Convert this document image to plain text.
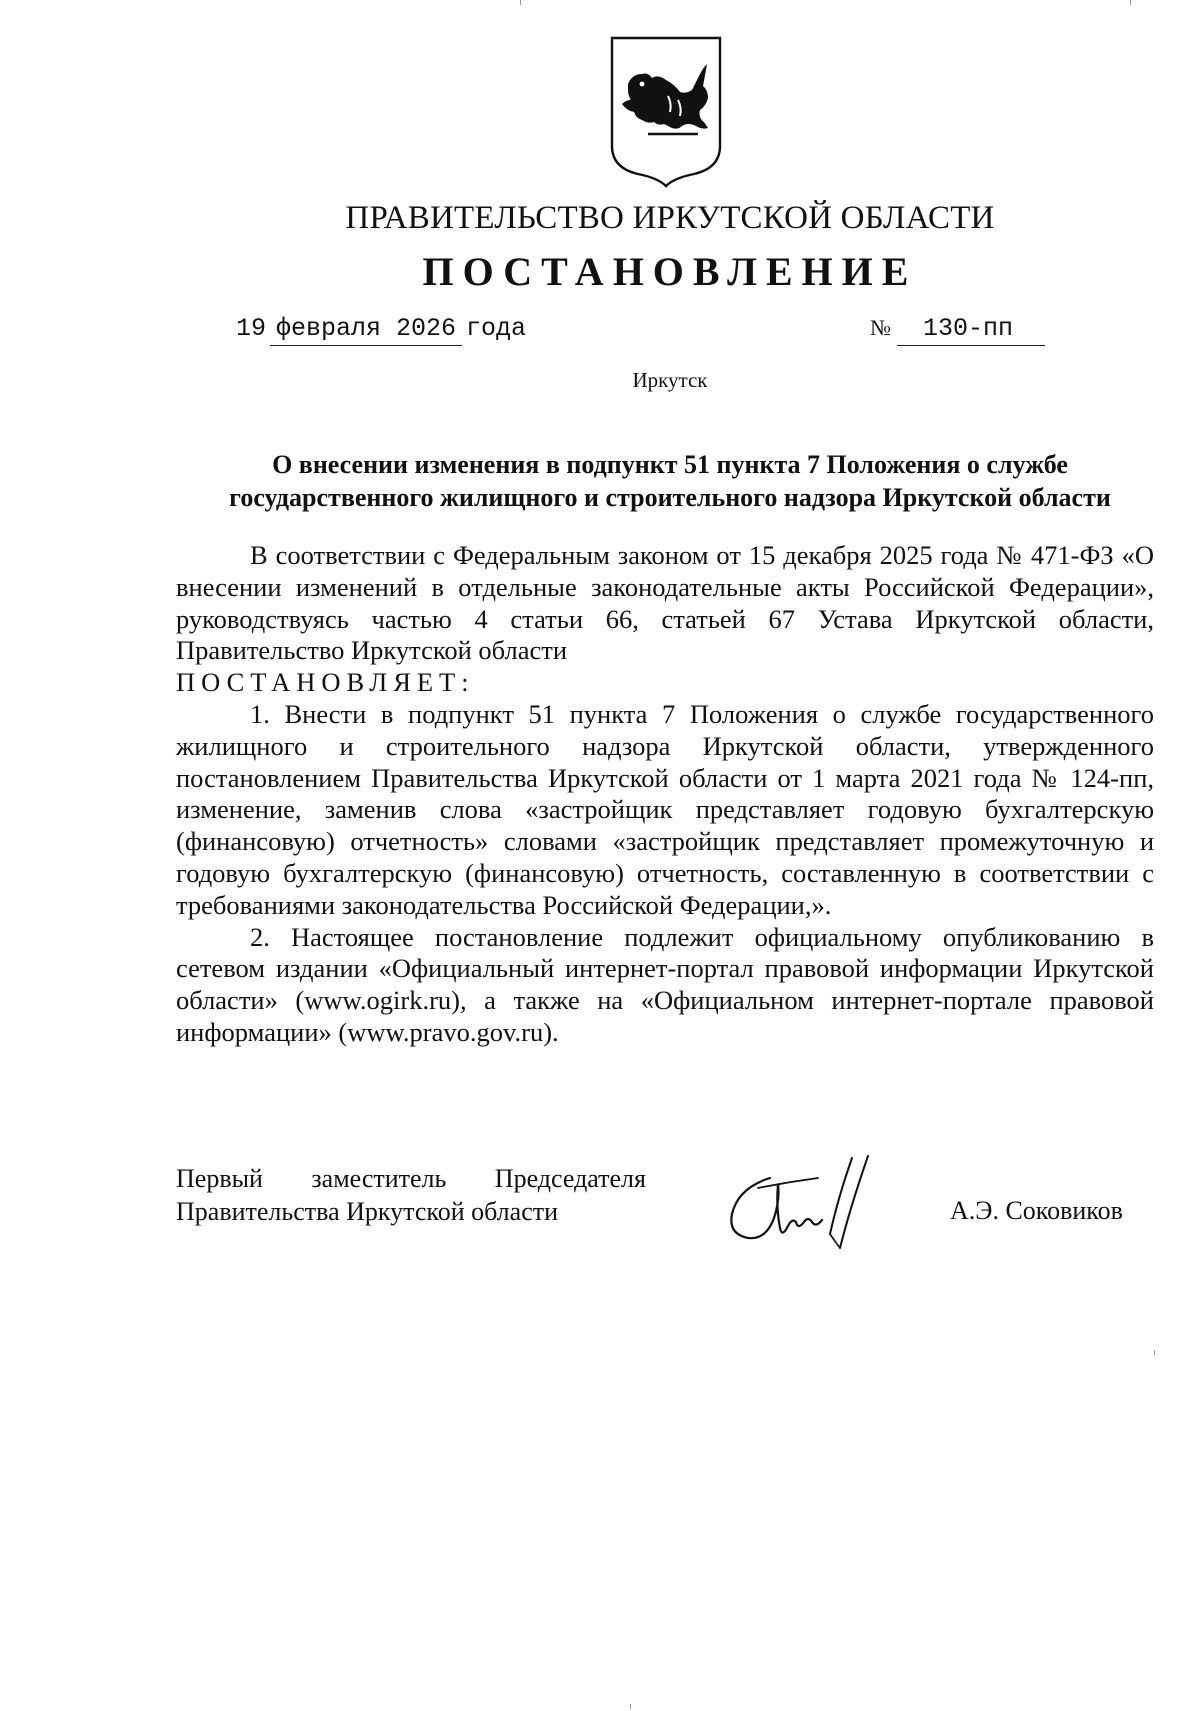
ПРАВИТЕЛЬСТВО ИРКУТСКОЙ ОБЛАСТИ
ПОСТАНОВЛЕНИЕ
19 февраля 2026 года	№ 130-пп
Иркутск
О внесении изменения в подпункт 51 пункта 7 Положения о службе
государственного жилищного и строительного надзора Иркутской области

В соответствии с Федеральным законом от 15 декабря 2025 года № 471-ФЗ «О внесении изменений в отдельные законодательные акты Российской Федерации», руководствуясь частью 4 статьи 66, статьей 67 Устава Иркутской области, Правительство Иркутской области

ПОСТАНОВЛЯЕТ:

1. Внести в подпункт 51 пункта 7 Положения о службе государственного жилищного и строительного надзора Иркутской области, утвержденного постановлением Правительства Иркутской области от 1 марта 2021 года № 124-пп, изменение, заменив слова «застройщик представляет годовую бухгалтерскую (финансовую) отчетность» словами «застройщик представляет промежуточную и годовую бухгалтерскую (финансовую) отчетность, составленную в соответствии с требованиями законодательства Российской Федерации,».

2. Настоящее постановление подлежит официальному опубликованию в сетевом издании «Официальный интернет-портал правовой информации Иркутской области» (www.ogirk.ru), а также на «Официальном интернет-портале правовой информации» (www.pravo.gov.ru).

Первый заместитель Председателя
Правительства Иркутской области	А.Э. Соковиков
